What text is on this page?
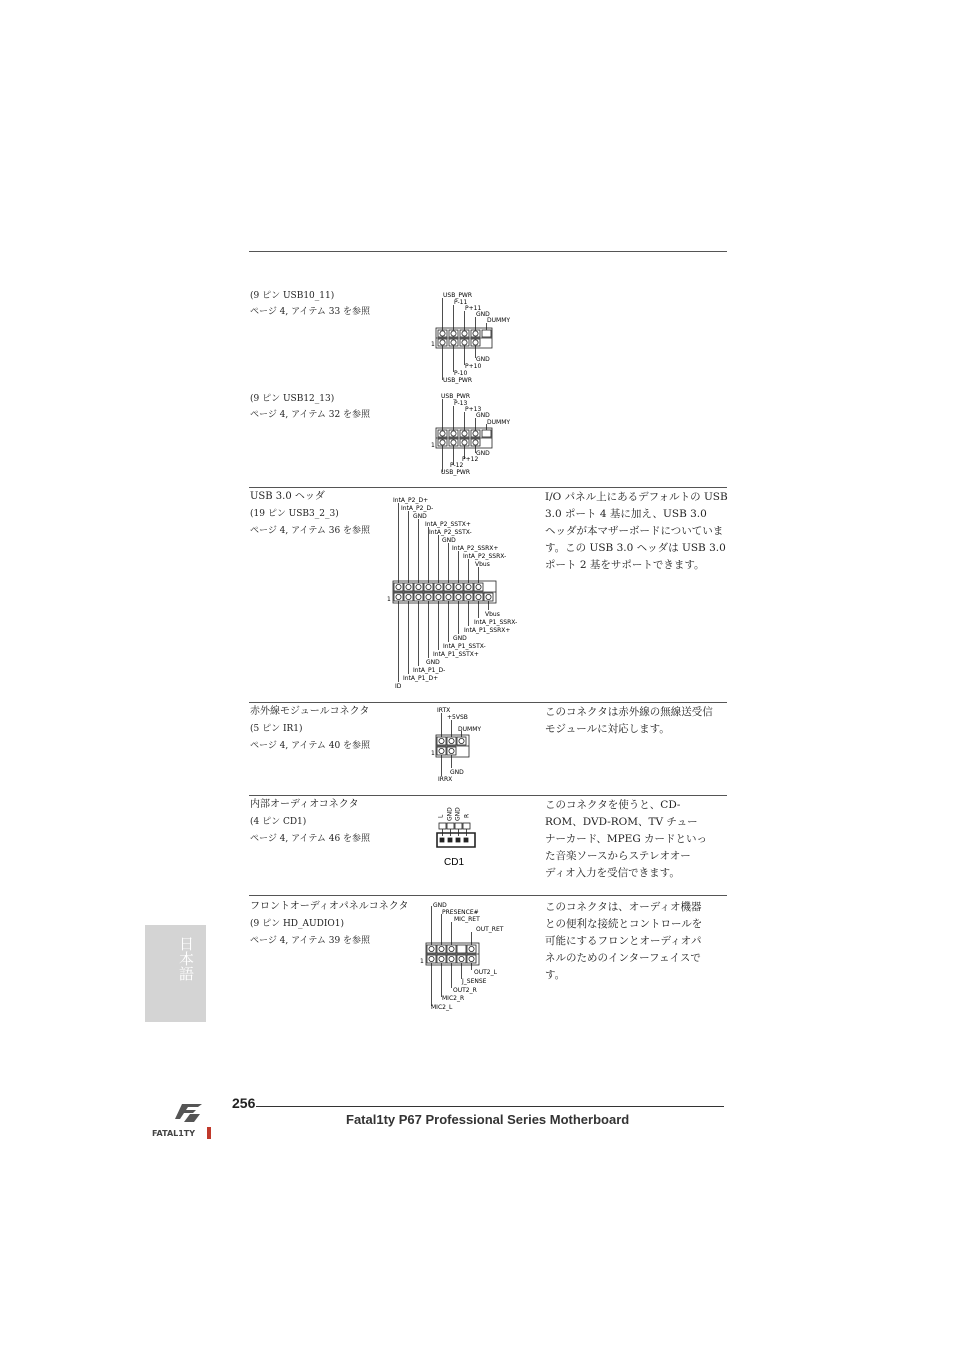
(9 ピン USB10_11)
ページ 4, アイテム 33 を参照
USB_PWR
P-11
P+11
GND
DUMMY
GND
P+10
P-10
USB_PWR
1
(9 ピン USB12_13)
ページ 4, アイテム 32 を参照
USB_PWR
P-13
P+13
GND
DUMMY
GND
P+12
P-12
USB_PWR
1
USB 3.0 ヘッダ
(19 ピン USB3_2_3)
ページ 4, アイテム 36 を参照
IntA_P2_D+
IntA_P2_D-
GND
IntA_P2_SSTX+
IntA_P2_SSTX-
GND
IntA_P2_SSRX+
IntA_P2_SSRX-
Vbus
Vbus
IntA_P1_SSRX-
IntA_P1_SSRX+
GND
IntA_P1_SSTX-
IntA_P1_SSTX+
GND
IntA_P1_D-
IntA_P1_D+
ID
1
I/O パネル上にあるデフォルトの USB
3.0 ポート 4 基に加え、USB 3.0
ヘッダが本マザーボードについていま
す。この USB 3.0 ヘッダは USB 3.0
ポート 2 基をサポートできます。
赤外線モジュールコネクタ
(5 ピン IR1)
ページ 4, アイテム 40 を参照
IRTX
+5VSB
DUMMY
GND
IRRX
1
このコネクタは赤外線の無線送受信
モジュールに対応します。
内部オーディオコネクタ
(4 ピン CD1)
ページ 4, アイテム 46 を参照
L GND GND R
CD1
このコネクタを使うと、CD-
ROM、DVD-ROM、TV チュー
ナーカード、MPEG カードといっ
た音楽ソースからステレオオー
ディオ入力を受信できます。
フロントオーディオパネルコネクタ
(9 ピン HD_AUDIO1)
ページ 4, アイテム 39 を参照
GND
PRESENCE#
MIC_RET
OUT_RET
OUT2_L
J_SENSE
OUT2_R
MIC2_R
MIC2_L
1
このコネクタは、オーディオ機器
との便利な接続とコントロールを
可能にするフロンとオーディオパ
ネルのためのインターフェイスで
す。
日本語
256
Fatal1ty P67 Professional Series Motherboard
FATAL1TY
